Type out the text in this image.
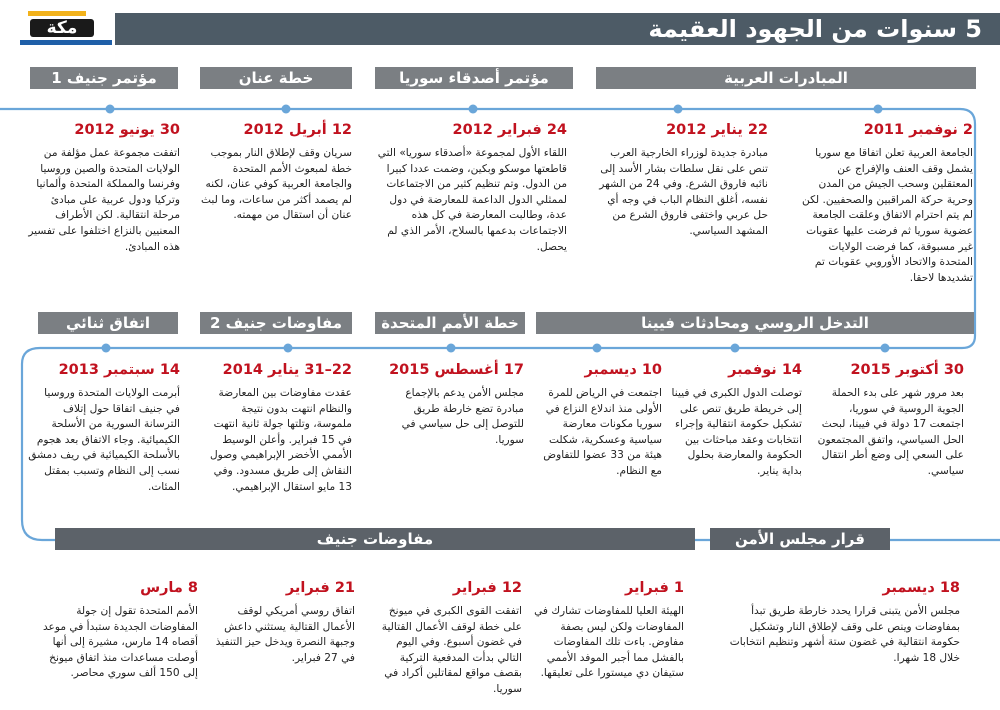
مكة	5 سنوات من الجهود العقيمة
المبادرات العربية
مؤتمر أصدقاء سوريا
خطة عنان
مؤتمر جنيف 1
2 نوفمبر 2011
الجامعة العربية تعلن اتفاقا مع سوريا يشمل وقف العنف والإفراج عن المعتقلين وسحب الجيش من المدن وحرية حركة المراقبين والصحفيين. لكن لم يتم احترام الاتفاق وعلقت الجامعة عضوية سوريا ثم فرضت عليها عقوبات غير مسبوقة، كما فرضت الولايات المتحدة والاتحاد الأوروبي عقوبات تم تشديدها لاحقا.
22 يناير 2012
مبادرة جديدة لوزراء الخارجية العرب تنص على نقل سلطات بشار الأسد إلى نائبه فاروق الشرع. وفي 24 من الشهر نفسه، أغلق النظام الباب في وجه أي حل عربي واختفى فاروق الشرع من المشهد السياسي.
24 فبراير 2012
اللقاء الأول لمجموعة «أصدقاء سوريا» التي قاطعتها موسكو وبكين، وضمت عددا كبيرا من الدول. وتم تنظيم كثير من الاجتماعات لممثلي الدول الداعمة للمعارضة في دول عدة، وطالبت المعارضة في كل هذه الاجتماعات بدعمها بالسلاح، الأمر الذي لم يحصل.
12 أبريل 2012
سريان وقف لإطلاق النار بموجب خطة لمبعوث الأمم المتحدة والجامعة العربية كوفي عنان، لكنه لم يصمد أكثر من ساعات، وما لبث عنان أن استقال من مهمته.
30 يونيو 2012
اتفقت مجموعة عمل مؤلفة من الولايات المتحدة والصين وروسيا وفرنسا والمملكة المتحدة وألمانيا وتركيا ودول عربية على مبادئ مرحلة انتقالية. لكن الأطراف المعنيين بالنزاع اختلفوا على تفسير هذه المبادئ.
التدخل الروسي ومحادثات فيينا
خطة الأمم المتحدة
مفاوضات جنيف 2
اتفاق ثنائي
30 أكتوبر 2015
بعد مرور شهر على بدء الحملة الجوية الروسية في سوريا، اجتمعت 17 دولة في فيينا، لبحث الحل السياسي، واتفق المجتمعون على السعي إلى وضع أطر انتقال سياسي.
14 نوفمبر
توصلت الدول الكبرى في فيينا إلى خريطة طريق تنص على تشكيل حكومة انتقالية وإجراء انتخابات وعقد مباحثات بين الحكومة والمعارضة بحلول بداية يناير.
10 ديسمبر
اجتمعت في الرياض للمرة الأولى منذ اندلاع النزاع في سوريا مكونات معارضة سياسية وعسكرية، شكلت هيئة من 33 عضوا للتفاوض مع النظام.
17 أغسطس 2015
مجلس الأمن يدعم بالإجماع مبادرة تضع خارطة طريق للتوصل إلى حل سياسي في سوريا.
22–31 يناير 2014
عقدت مفاوضات بين المعارضة والنظام انتهت بدون نتيجة ملموسة، وتلتها جولة ثانية انتهت في 15 فبراير. وأعلن الوسيط الأممي الأخضر الإبراهيمي وصول النقاش إلى طريق مسدود. وفي 13 مايو استقال الإبراهيمي.
14 سبتمبر 2013
أبرمت الولايات المتحدة وروسيا في جنيف اتفاقا حول إتلاف الترسانة السورية من الأسلحة الكيميائية. وجاء الاتفاق بعد هجوم بالأسلحة الكيميائية في ريف دمشق نسب إلى النظام وتسبب بمقتل المئات.
قرار مجلس الأمن
مفاوضات جنيف
18 ديسمبر
مجلس الأمن يتبنى قرارا يحدد خارطة طريق تبدأ بمفاوضات وينص على وقف لإطلاق النار وتشكيل حكومة انتقالية في غضون ستة أشهر وتنظيم انتخابات خلال 18 شهرا.
1 فبراير
الهيئة العليا للمفاوضات تشارك في المفاوضات ولكن ليس بصفة مفاوض. باءت تلك المفاوضات بالفشل مما أجبر الموفد الأممي ستيفان دي ميستورا على تعليقها.
12 فبراير
اتفقت القوى الكبرى في ميونخ على خطة لوقف الأعمال القتالية في غضون أسبوع. وفي اليوم التالي بدأت المدفعية التركية بقصف مواقع لمقاتلين أكراد في سوريا.
21 فبراير
اتفاق روسي أمريكي لوقف الأعمال القتالية يستثني داعش وجبهة النصرة ويدخل حيز التنفيذ في 27 فبراير.
8 مارس
الأمم المتحدة تقول إن جولة المفاوضات الجديدة ستبدأ في موعد أقصاه 14 مارس، مشيرة إلى أنها أوصلت مساعدات منذ اتفاق ميونخ إلى 150 ألف سوري محاصر.
